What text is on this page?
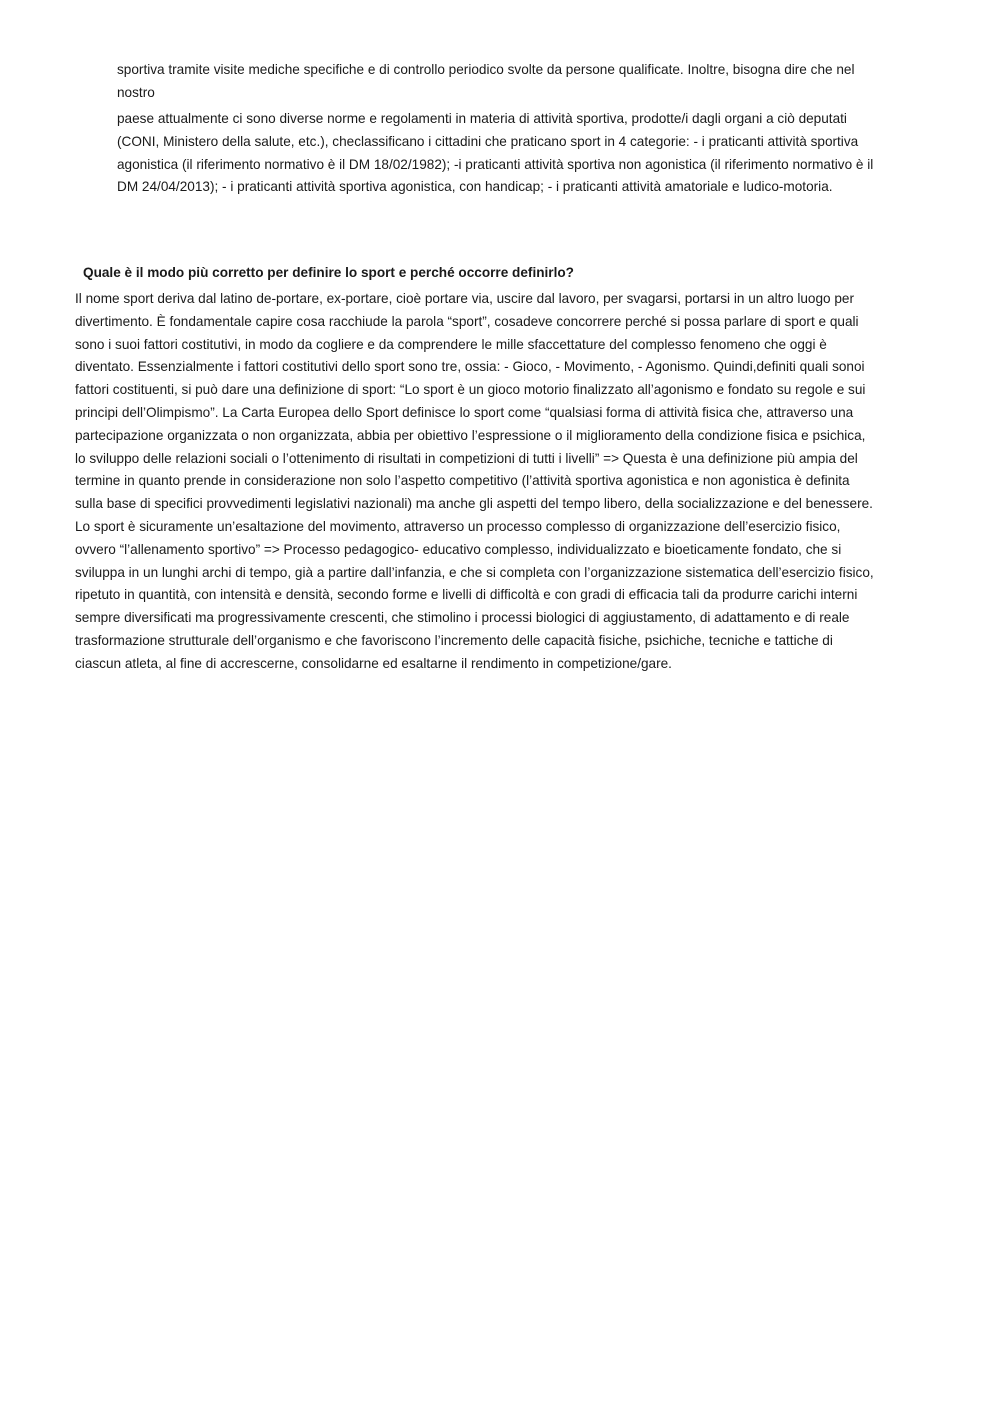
sportiva tramite visite mediche specifiche e di controllo periodico svolte da persone qualificate. Inoltre, bisogna dire che nel nostro

paese attualmente ci sono diverse norme e regolamenti in materia di attività sportiva, prodotte/i dagli organi a ciò deputati (CONI, Ministero della salute, etc.), checlassificano i cittadini che praticano sport in 4 categorie: - i praticanti attività sportiva agonistica (il riferimento normativo è il DM 18/02/1982); -i praticanti attività sportiva non agonistica (il riferimento normativo è il DM 24/04/2013); - i praticanti attività sportiva agonistica, con handicap; - i praticanti attività amatoriale e ludico-motoria.

Quale è il modo più corretto per definire lo sport e perché occorre definirlo?

Il nome sport deriva dal latino de-portare, ex-portare, cioè portare via, uscire dal lavoro, per svagarsi, portarsi in un altro luogo per divertimento. È fondamentale capire cosa racchiude la parola “sport”, cosadeve concorrere perché si possa parlare di sport e quali sono i suoi fattori costitutivi, in modo da cogliere e da comprendere le mille sfaccettature del complesso fenomeno che oggi è diventato. Essenzialmente i fattori costitutivi dello sport sono tre, ossia: - Gioco, - Movimento, - Agonismo. Quindi,definiti quali sonoi fattori costituenti, si può dare una definizione di sport: “Lo sport è un gioco motorio finalizzato all’agonismo e fondato su regole e sui principi dell’Olimpismo”. La Carta Europea dello Sport definisce lo sport come “qualsiasi forma di attività fisica che, attraverso una partecipazione organizzata o non organizzata, abbia per obiettivo l’espressione o il miglioramento della condizione fisica e psichica, lo sviluppo delle relazioni sociali o l’ottenimento di risultati in competizioni di tutti i livelli” => Questa è una definizione più ampia del termine in quanto prende in considerazione non solo l’aspetto competitivo (l’attività sportiva agonistica e non agonistica è definita sulla base di specifici provvedimenti legislativi nazionali) ma anche gli aspetti del tempo libero, della socializzazione e del benessere. Lo sport è sicuramente un’esaltazione del movimento, attraverso un processo complesso di organizzazione dell’esercizio fisico, ovvero “l’allenamento sportivo” => Processo pedagogico- educativo complesso, individualizzato e bioeticamente fondato, che si sviluppa in un lunghi archi di tempo, già a partire dall’infanzia, e che si completa con l’organizzazione sistematica dell’esercizio fisico, ripetuto in quantità, con intensità e densità, secondo forme e livelli di difficoltà e con gradi di efficacia tali da produrre carichi interni sempre diversificati ma progressivamente crescenti, che stimolino i processi biologici di aggiustamento, di adattamento e di reale trasformazione strutturale dell’organismo e che favoriscono l’incremento delle capacità fisiche, psichiche, tecniche e tattiche di ciascun atleta, al fine di accrescerne, consolidarne ed esaltarne il rendimento in competizione/gare.
